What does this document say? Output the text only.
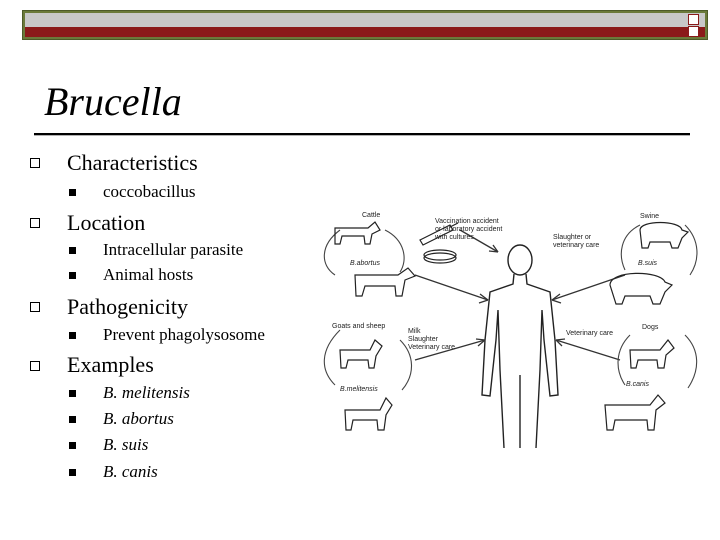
Brucella
Characteristics
coccobacillus
Location
Intracellular parasite
Animal hosts
Pathogenicity
Prevent phagolysosome
Examples
B. melitensis
B. abortus
B. suis
B. canis
Cattle
B.abortus
Vaccination accident
or laboratory accident
with cultures	Slaughter or
veterinary care
Swine
B.suis
Goats and sheep
Milk
Slaughter
Veterinary care
B.melitensis
Veterinary care
Dogs
B.canis
